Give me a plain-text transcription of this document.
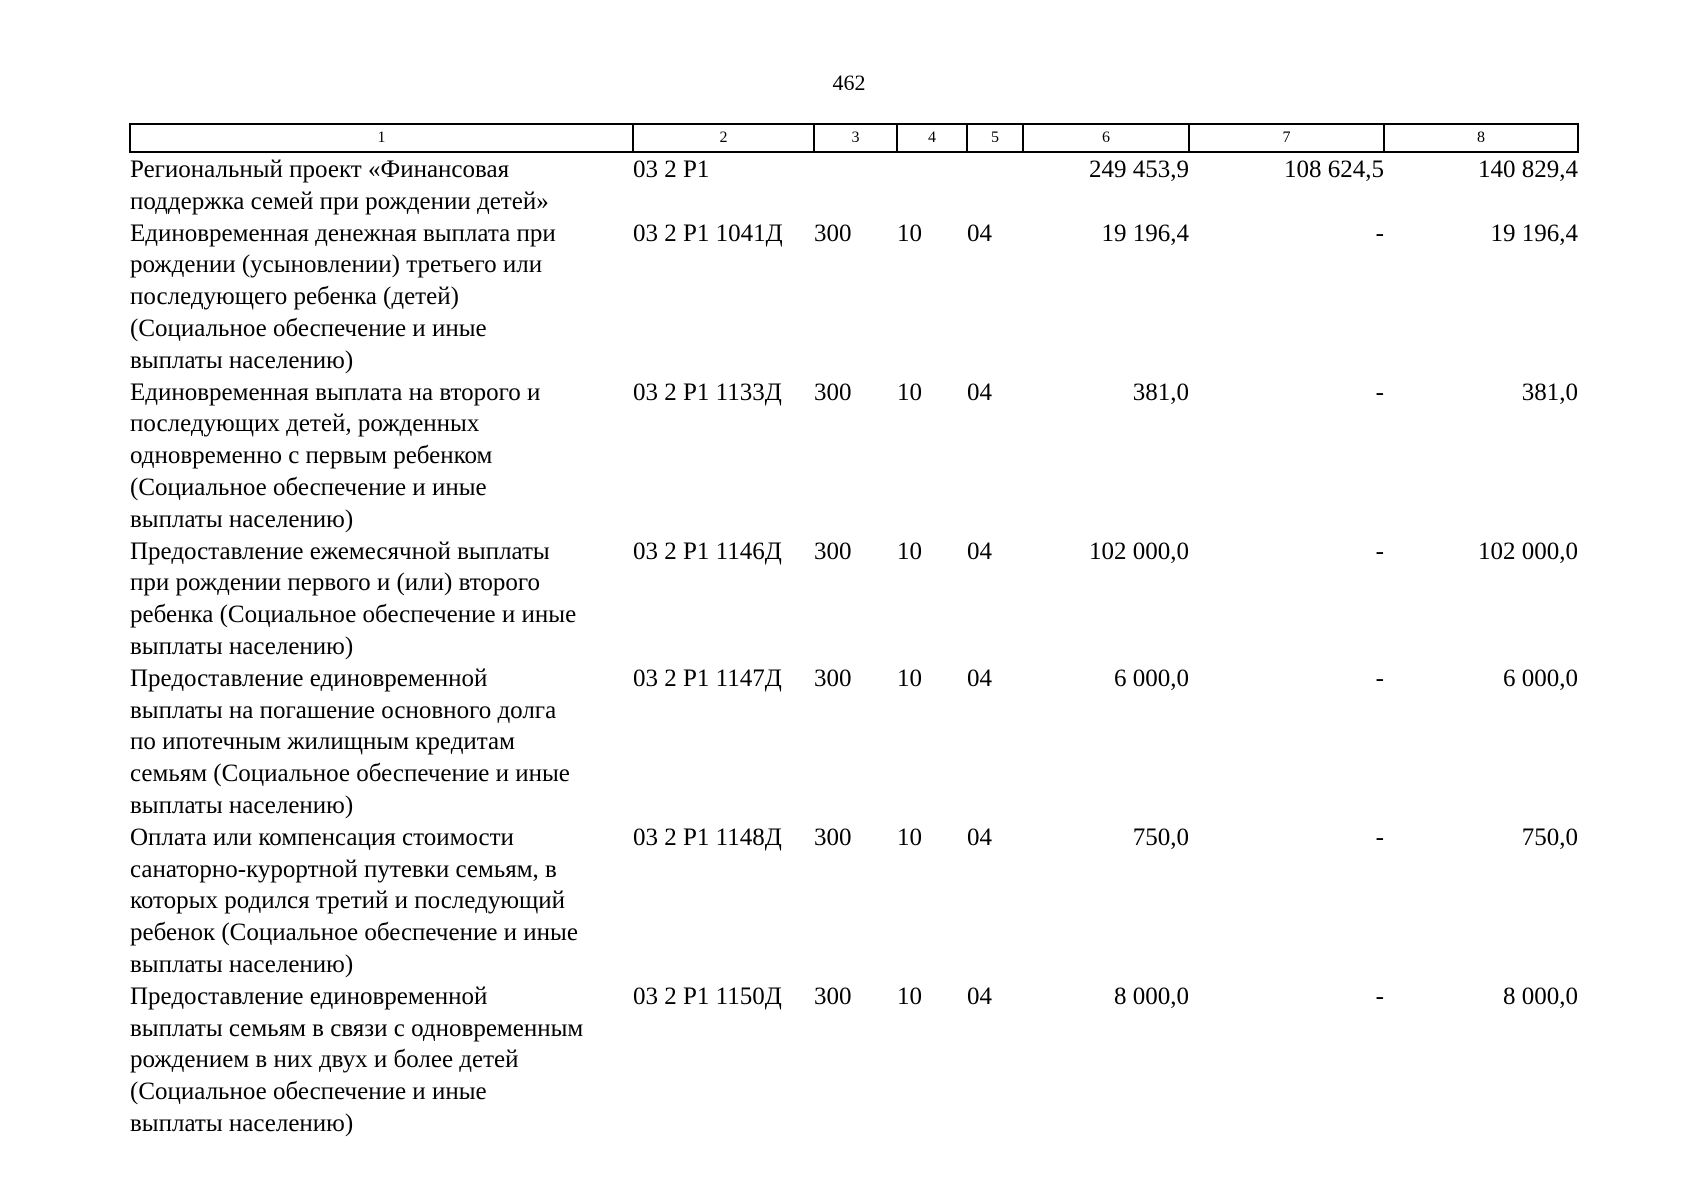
462
1	2	3	4	5	6	7	8

Региональный проект «Финансовая
поддержка семей при рождении детей»	03 2 Р1				249 453,9	108 624,5	140 829,4

Единовременная денежная выплата при
рождении (усыновлении) третьего или
последующего ребенка (детей)
(Социальное обеспечение и иные
выплаты населению)	03 2 Р1 1041Д	300	10	04	19 196,4	-	19 196,4

Единовременная выплата на второго и
последующих детей, рожденных
одновременно с первым ребенком
(Социальное обеспечение и иные
выплаты населению)	03 2 Р1 1133Д	300	10	04	381,0	-	381,0

Предоставление ежемесячной выплаты
при рождении первого и (или) второго
ребенка (Социальное обеспечение и иные
выплаты населению)	03 2 Р1 1146Д	300	10	04	102 000,0	-	102 000,0

Предоставление единовременной
выплаты на погашение основного долга
по ипотечным жилищным кредитам
семьям (Социальное обеспечение и иные
выплаты населению)	03 2 Р1 1147Д	300	10	04	6 000,0	-	6 000,0

Оплата или компенсация стоимости
санаторно-курортной путевки семьям, в
которых родился третий и последующий
ребенок (Социальное обеспечение и иные
выплаты населению)	03 2 Р1 1148Д	300	10	04	750,0	-	750,0

Предоставление единовременной
выплаты семьям в связи с одновременным
рождением в них двух и более детей
(Социальное обеспечение и иные
выплаты населению)	03 2 Р1 1150Д	300	10	04	8 000,0	-	8 000,0
